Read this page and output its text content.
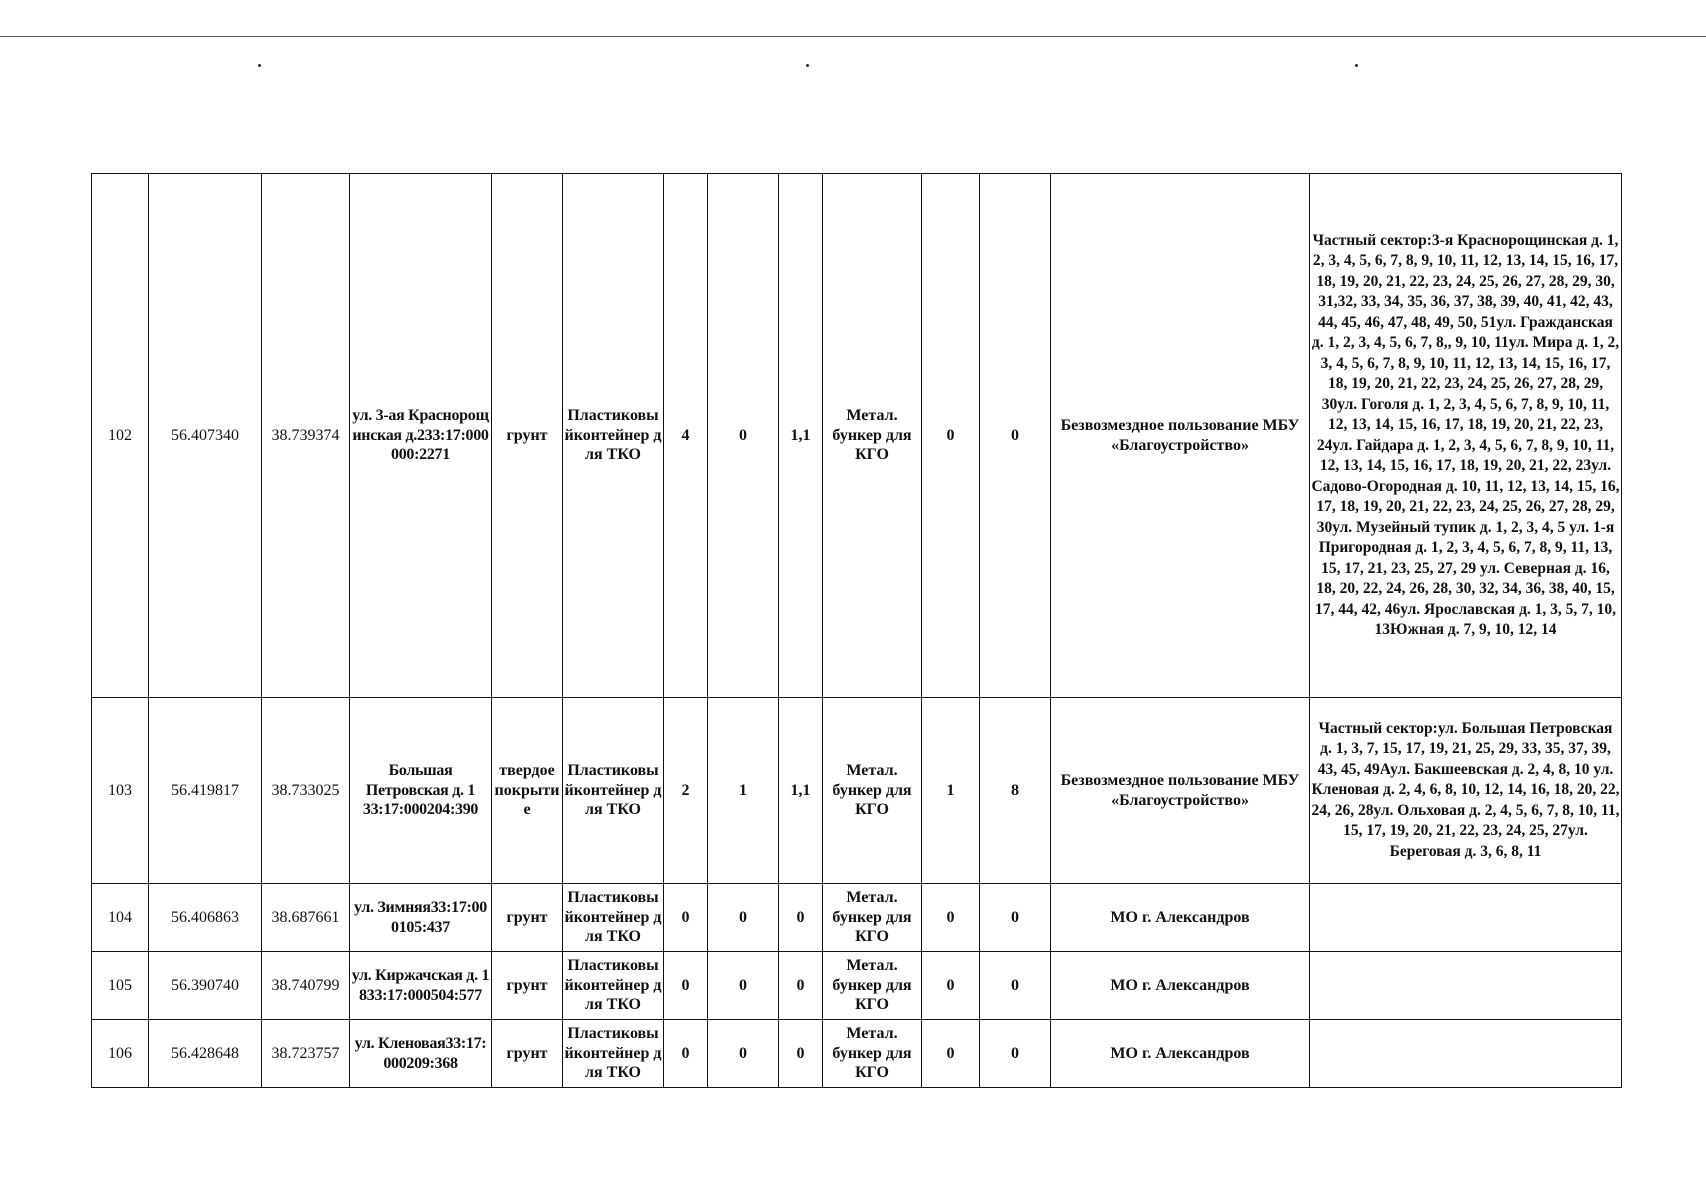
102	56.407340	38.739374	ул. 3-ая Краснорощинская д.233:17:000000:2271	грунт	Пластиковыйконтейнер для ТКО	4	0	1,1	Метал. бункер для КГО	0	0	Безвозмездное пользование МБУ «Благоустройство»	Частный сектор:3-я Краснорощинская д. 1, 2, 3, 4, 5, 6, 7, 8, 9, 10, 11, 12, 13, 14, 15, 16, 17, 18, 19, 20, 21, 22, 23, 24, 25, 26, 27, 28, 29, 30, 31,32, 33, 34, 35, 36, 37, 38, 39, 40, 41, 42, 43, 44, 45, 46, 47, 48, 49, 50, 51ул. Гражданская д. 1, 2, 3, 4, 5, 6, 7, 8,, 9, 10, 11ул. Мира д. 1, 2, 3, 4, 5, 6, 7, 8, 9, 10, 11, 12, 13, 14, 15, 16, 17, 18, 19, 20, 21, 22, 23, 24, 25, 26, 27, 28, 29, 30ул. Гоголя д. 1, 2, 3, 4, 5, 6, 7, 8, 9, 10, 11, 12, 13, 14, 15, 16, 17, 18, 19, 20, 21, 22, 23, 24ул. Гайдара д. 1, 2, 3, 4, 5, 6, 7, 8, 9, 10, 11, 12, 13, 14, 15, 16, 17, 18, 19, 20, 21, 22, 23ул. Садово-Огородная д. 10, 11, 12, 13, 14, 15, 16, 17, 18, 19, 20, 21, 22, 23, 24, 25, 26, 27, 28, 29, 30ул. Музейный тупик д. 1, 2, 3, 4, 5 ул. 1-я Пригородная д. 1, 2, 3, 4, 5, 6, 7, 8, 9, 11, 13, 15, 17, 21, 23, 25, 27, 29 ул. Северная д. 16, 18, 20, 22, 24, 26, 28, 30, 32, 34, 36, 38, 40, 15, 17, 44, 42, 46ул. Ярославская д. 1, 3, 5, 7, 10, 13Южная д. 7, 9, 10, 12, 14
103	56.419817	38.733025	Большая Петровская д. 1 33:17:000204:390	твердое покрытие	Пластиковыйконтейнер для ТКО	2	1	1,1	Метал. бункер для КГО	1	8	Безвозмездное пользование МБУ «Благоустройство»	Частный сектор:ул. Большая Петровская д. 1, 3, 7, 15, 17, 19, 21, 25, 29, 33, 35, 37, 39, 43, 45, 49Аул. Бакшеевская д. 2, 4, 8, 10 ул. Кленовая д. 2, 4, 6, 8, 10, 12, 14, 16, 18, 20, 22, 24, 26, 28ул. Ольховая д. 2, 4, 5, 6, 7, 8, 10, 11, 15, 17, 19, 20, 21, 22, 23, 24, 25, 27ул. Береговая д. 3, 6, 8, 11
104	56.406863	38.687661	ул. Зимняя33:17:000105:437	грунт	Пластиковыйконтейнер для ТКО	0	0	0	Метал. бункер для КГО	0	0	МО г. Александров	
105	56.390740	38.740799	ул. Киржачская д. 1833:17:000504:577	грунт	Пластиковыйконтейнер для ТКО	0	0	0	Метал. бункер для КГО	0	0	МО г. Александров	
106	56.428648	38.723757	ул. Кленовая33:17:000209:368	грунт	Пластиковыйконтейнер для ТКО	0	0	0	Метал. бункер для КГО	0	0	МО г. Александров	
